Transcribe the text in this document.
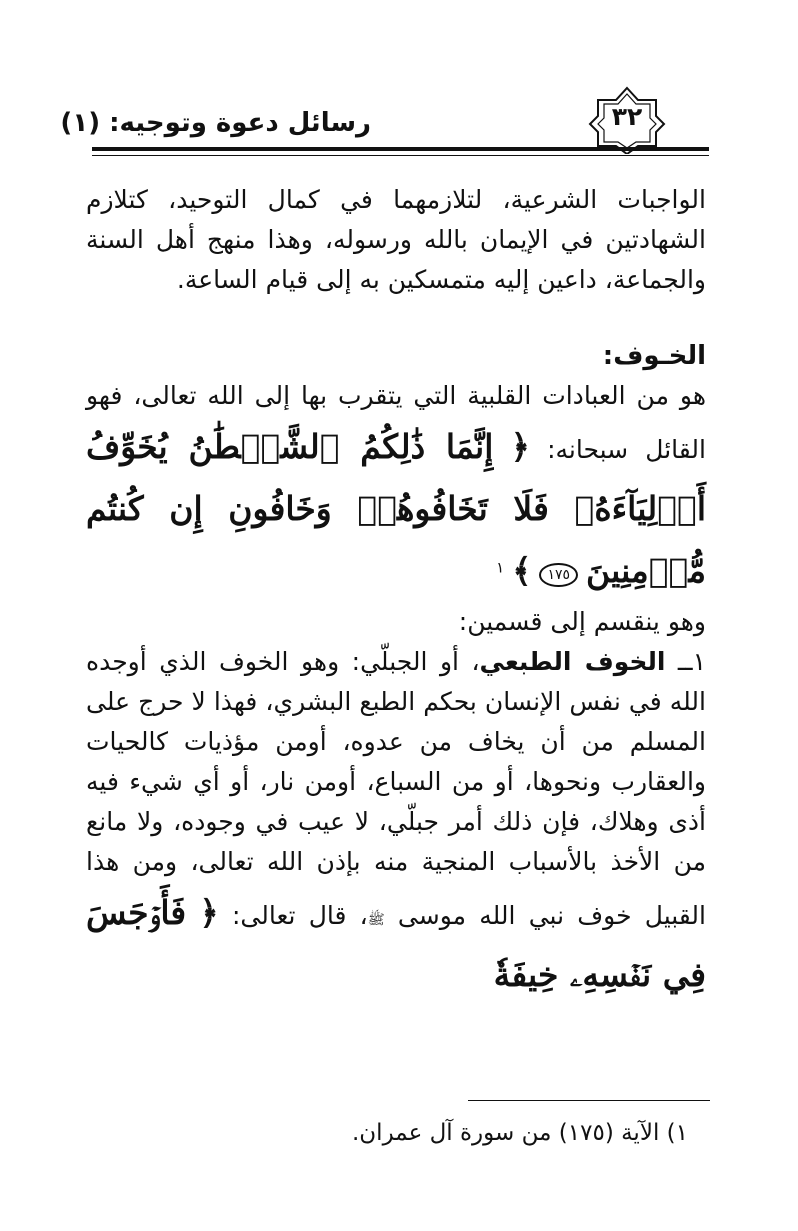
رسائل دعوة وتوجيه: (١)	٣٢

الواجبات الشرعية، لتلازمهما في كمال التوحيد، كتلازم الشهادتين في الإيمان بالله ورسوله، وهذا منهج أهل السنة والجماعة، داعين إليه متمسكين به إلى قيام الساعة.

الخـوف:

هو من العبادات القلبية التي يتقرب بها إلى الله تعالى، فهو القائل سبحانه: ﴿ إِنَّمَا ذَٰلِكُمُ ٱلشَّيۡطَٰنُ يُخَوِّفُ أَوۡلِيَآءَهُۥ فَلَا تَخَافُوهُمۡ وَخَافُونِ إِن كُنتُم مُّؤۡمِنِينَ ١٧٥ ﴾ $^١$

وهو ينقسم إلى قسمين:

١ــ الخوف الطبعي، أو الجبلّي: وهو الخوف الذي أوجده الله في نفس الإنسان بحكم الطبع البشري، فهذا لا حرج على المسلم من أن يخاف من عدوه، أومن مؤذيات كالحيات والعقارب ونحوها، أو من السباع، أومن نار، أو أي شيء فيه أذى وهلاك، فإن ذلك أمر جبلّي، لا عيب في وجوده، ولا مانع من الأخذ بالأسباب المنجية منه بإذن الله تعالى، ومن هذا القبيل خوف نبي الله موسى ﷺ، قال تعالى: ﴿ فَأَوۡجَسَ فِي نَفۡسِهِۦ خِيفَةٗ

١) الآية (١٧٥) من سورة آل عمران.
